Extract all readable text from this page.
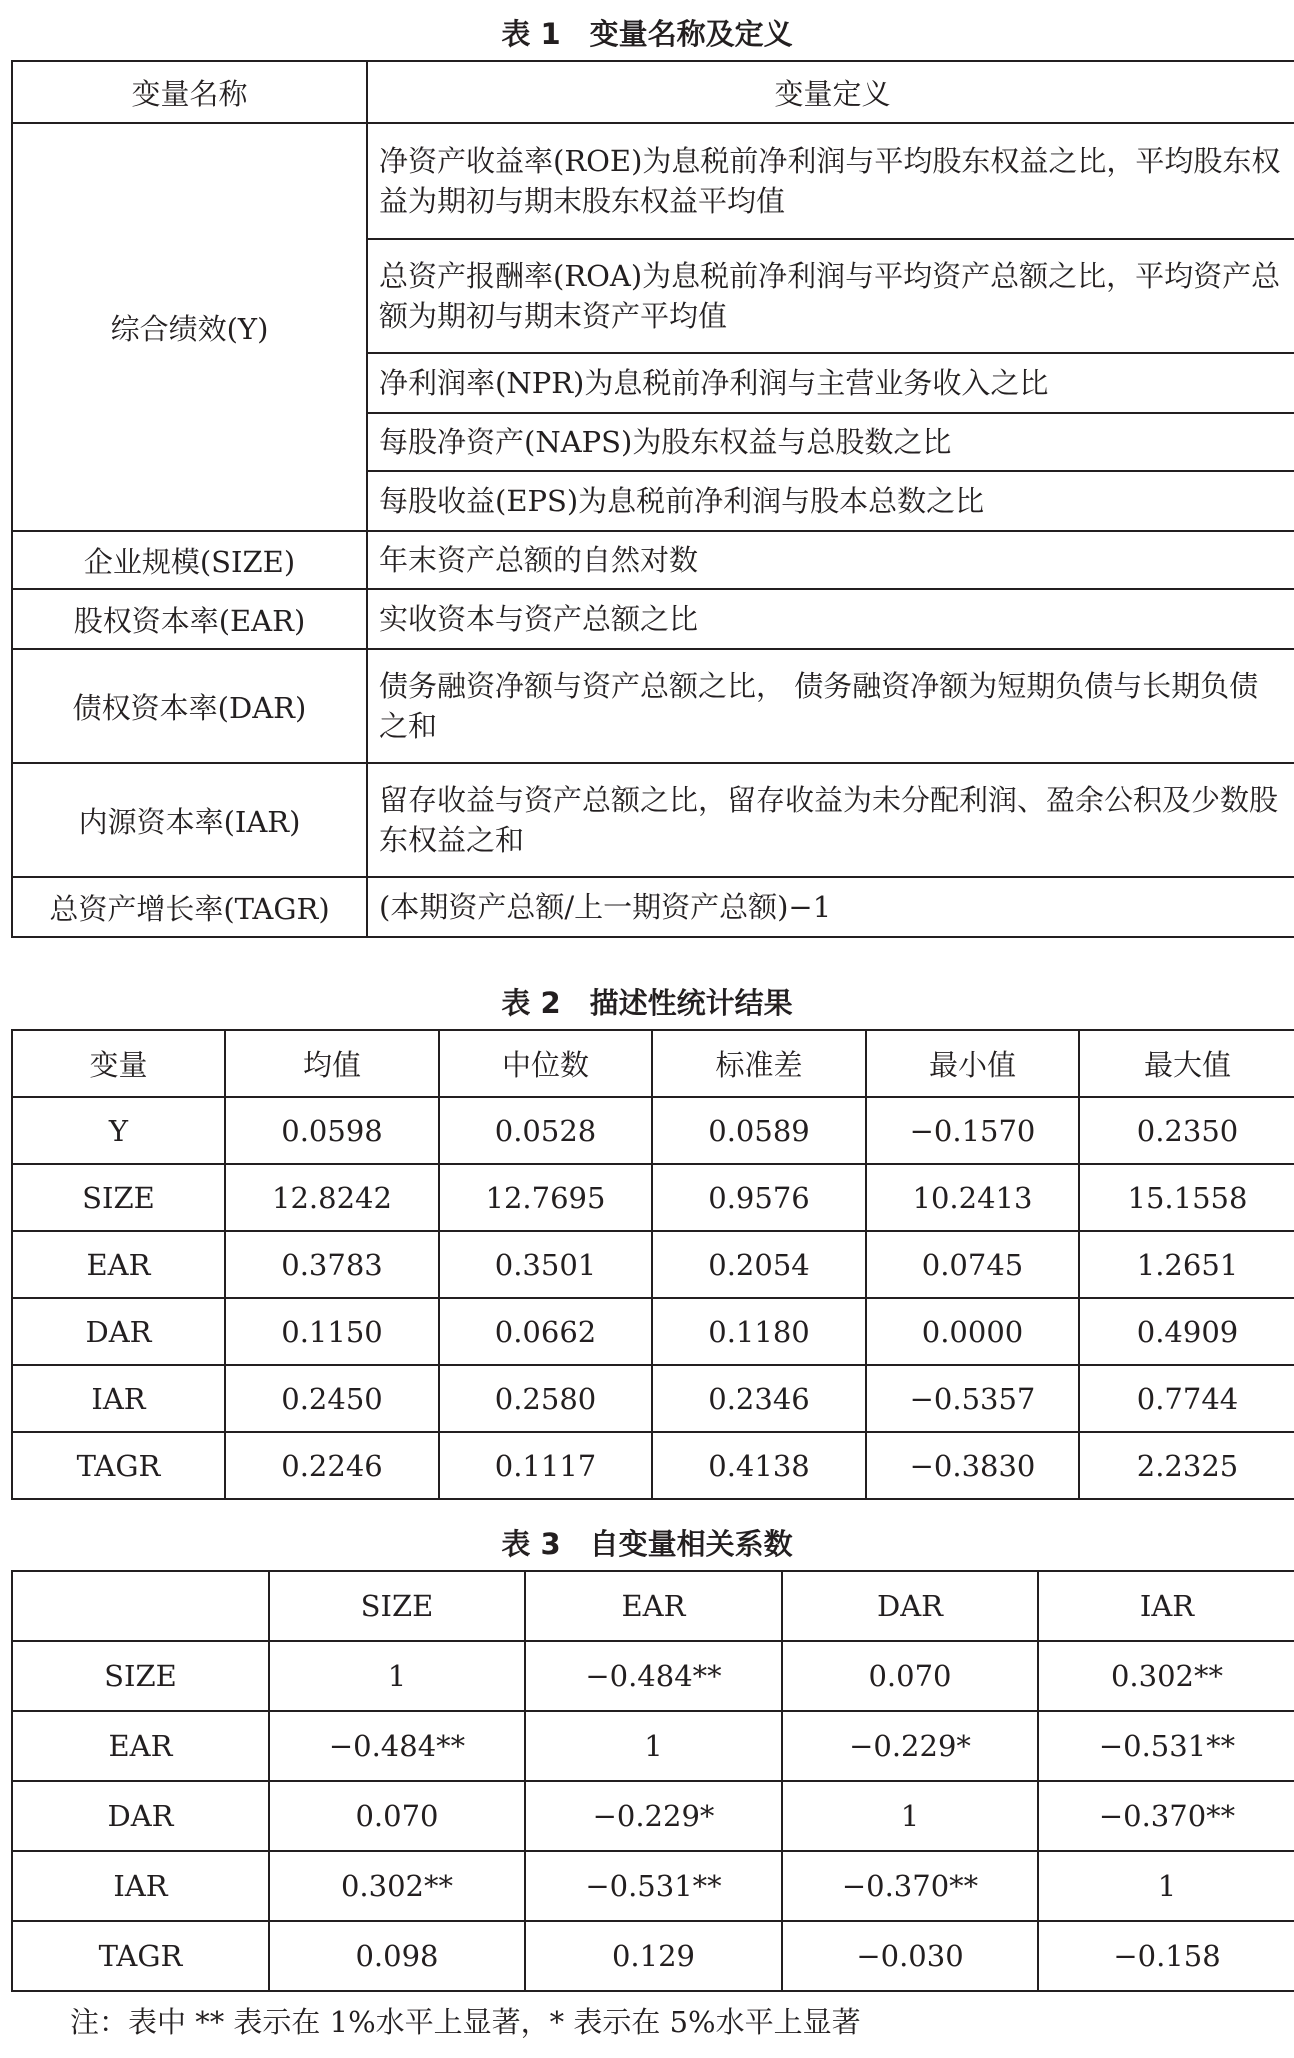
表 1　变量名称及定义
变量名称	变量定义
综合绩效(Y)	净资产收益率(ROE)为息税前净利润与平均股东权益之比，平均股东权益为期初与期末股东权益平均值
	总资产报酬率(ROA)为息税前净利润与平均资产总额之比，平均资产总额为期初与期末资产平均值
	净利润率(NPR)为息税前净利润与主营业务收入之比
	每股净资产(NAPS)为股东权益与总股数之比
	每股收益(EPS)为息税前净利润与股本总数之比
企业规模(SIZE)	年末资产总额的自然对数
股权资本率(EAR)	实收资本与资产总额之比
债权资本率(DAR)	债务融资净额与资产总额之比， 债务融资净额为短期负债与长期负债之和
内源资本率(IAR)	留存收益与资产总额之比，留存收益为未分配利润、盈余公积及少数股东权益之和
总资产增长率(TAGR)	(本期资产总额/上一期资产总额)−1
表 2　描述性统计结果
变量	均值	中位数	标准差	最小值	最大值
Y	0.0598	0.0528	0.0589	−0.1570	0.2350
SIZE	12.8242	12.7695	0.9576	10.2413	15.1558
EAR	0.3783	0.3501	0.2054	0.0745	1.2651
DAR	0.1150	0.0662	0.1180	0.0000	0.4909
IAR	0.2450	0.2580	0.2346	−0.5357	0.7744
TAGR	0.2246	0.1117	0.4138	−0.3830	2.2325
表 3　自变量相关系数
	SIZE	EAR	DAR	IAR
SIZE	1	−0.484**	0.070	0.302**
EAR	−0.484**	1	−0.229*	−0.531**
DAR	0.070	−0.229*	1	−0.370**
IAR	0.302**	−0.531**	−0.370**	1
TAGR	0.098	0.129	−0.030	−0.158
注：表中 ** 表示在 1%水平上显著，* 表示在 5%水平上显著
